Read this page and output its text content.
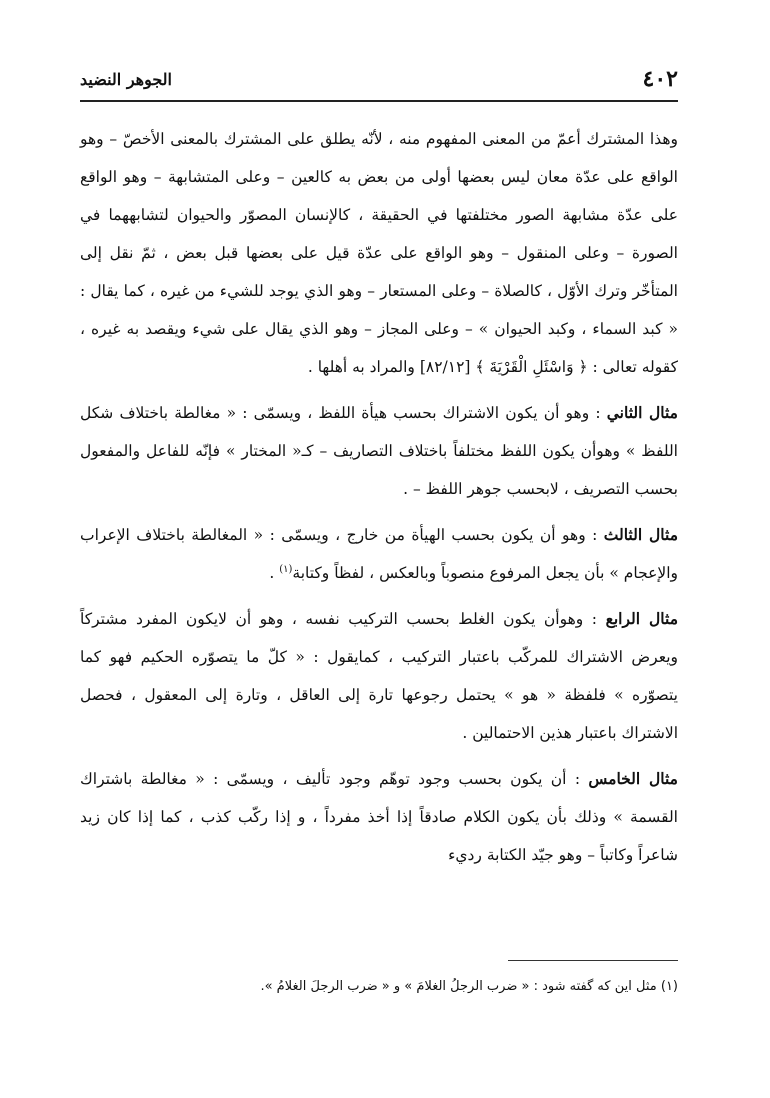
الجوهر النضيد	٤٠٢

وهذا المشترك أعمّ من المعنى المفهوم منه ، لأنّه يطلق على المشترك بالمعنى الأخصّ – وهو الواقع على عدّة معان ليس بعضها أولى من بعض به كالعين – وعلى المتشابهة – وهو الواقع على عدّة مشابهة الصور مختلفتها في الحقيقة ، كالإنسان المصوّر والحيوان لتشابههما في الصورة – وعلى المنقول – وهو الواقع على عدّة قيل على بعضها قبل بعض ، ثمّ نقل إلى المتأخّر وترك الأوّل ، كالصلاة – وعلى المستعار – وهو الذي يوجد للشيء من غيره ، كما يقال : « كبد السماء ، وكبد الحيوان » – وعلى المجاز – وهو الذي يقال على شيء ويقصد به غيره ، كقوله تعالى : ﴿ وَاسْئَلِ الْقَرْيَةَ ﴾ [٨٢/١٢] والمراد به أهلها .

مثال الثاني : وهو أن يكون الاشتراك بحسب هيأة اللفظ ، ويسمّى : « مغالطة باختلاف شكل اللفظ » وهوأن يكون اللفظ مختلفاً باختلاف التصاريف – كـ« المختار » فإنّه للفاعل والمفعول بحسب التصريف ، لابحسب جوهر اللفظ – .

مثال الثالث : وهو أن يكون بحسب الهيأة من خارج ، ويسمّى : « المغالطة باختلاف الإعراب والإعجام » بأن يجعل المرفوع منصوباً وبالعكس ، لفظاً وكتابة$^{(١)}$ .

مثال الرابع : وهوأن يكون الغلط بحسب التركيب نفسه ، وهو أن لايكون المفرد مشتركاً ويعرض الاشتراك للمركّب باعتبار التركيب ، كمايقول : « كلّ ما يتصوّره الحكيم فهو كما يتصوّره » فلفظة « هو » يحتمل رجوعها تارة إلى العاقل ، وتارة إلى المعقول ، فحصل الاشتراك باعتبار هذين الاحتمالين .

مثال الخامس : أن يكون بحسب وجود توهّم وجود تأليف ، ويسمّى : « مغالطة باشتراك القسمة » وذلك بأن يكون الكلام صادقاً إذا أخذ مفرداً ، و إذا ركّب كذب ، كما إذا كان زيد شاعراً وكاتباً – وهو جيّد الكتابة رديء

(١) مثل اين كه گفته شود : « ضرب الرجلُ الغلامَ » و « ضرب الرجلَ الغلامُ ».
